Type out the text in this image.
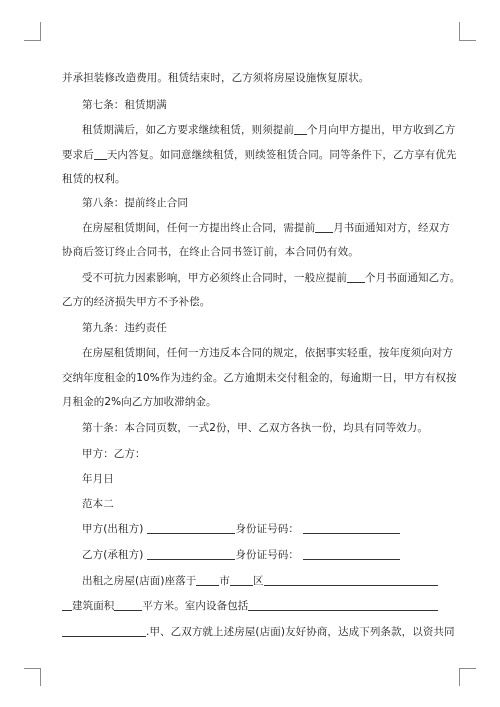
并承担装修改造费用。租赁结束时，乙方须将房屋设施恢复原状。
第七条：租赁期满
租赁期满后，如乙方要求继续租赁，则须提前 个月向甲方提出，甲方收到乙方
要求后 天内答复。如同意继续租赁，则续签租赁合同。同等条件下，乙方享有优先
租赁的权利。
第八条：提前终止合同
在房屋租赁期间，任何一方提出终止合同，需提前 月书面通知对方，经双方
协商后签订终止合同书，在终止合同书签订前，本合同仍有效。
受不可抗力因素影响，甲方必须终止合同时，一般应提前 个月书面通知乙方。
乙方的经济损失甲方不予补偿。
第九条：违约责任
在房屋租赁期间，任何一方违反本合同的规定，依据事实轻重，按年度须向对方
交纳年度租金的10%作为违约金。乙方逾期未交付租金的，每逾期一日，甲方有权按
月租金的2%向乙方加收滞纳金。
第十条：本合同页数，一式2份，甲、乙双方各执一份，均具有同等效力。
甲方：乙方：
年月日
范本二
甲方(出租方)	身份证号码：
乙方(承租方)	身份证号码：
出租之房屋(店面)座落于 市 区
建筑面积	平方米。室内设备包括
.甲、乙双方就上述房屋(店面)友好协商，达成下列条款，以资共同
